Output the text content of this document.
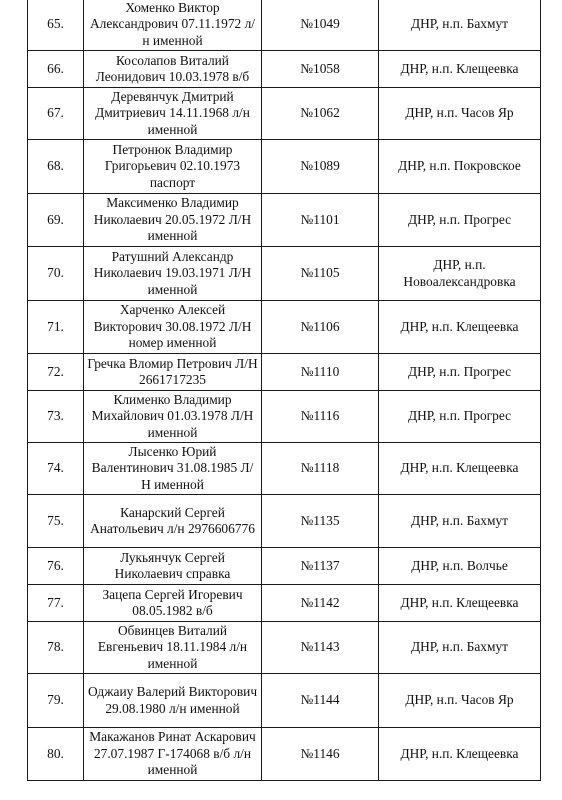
65.	Хоменко Виктор Александрович 07.11.1972 л/н именной	№1049	ДНР, н.п. Бахмут
66.	Косолапов Виталий Леонидович 10.03.1978 в/б	№1058	ДНР, н.п. Клещеевка
67.	Деревянчук Дмитрий Дмитриевич 14.11.1968 л/н именной	№1062	ДНР, н.п. Часов Яр
68.	Петронюк Владимир Григорьевич 02.10.1973 паспорт	№1089	ДНР, н.п. Покровское
69.	Максименко Владимир Николаевич 20.05.1972 Л/Н именной	№1101	ДНР, н.п. Прогрес
70.	Ратушний Александр Николаевич 19.03.1971 Л/Н именной	№1105	ДНР, н.п. Новоалександровка
71.	Харченко Алексей Викторович 30.08.1972 Л/Н номер именной	№1106	ДНР, н.п. Клещеевка
72.	Гречка Вломир Петрович Л/Н 2661717235	№1110	ДНР, н.п. Прогрес
73.	Клименко Владимир Михайлович 01.03.1978 Л/Н именной	№1116	ДНР, н.п. Прогрес
74.	Лысенко Юрий Валентинович 31.08.1985 Л/Н именной	№1118	ДНР, н.п. Клещеевка
75.	Канарский Сергей Анатольевич л/н 2976606776	№1135	ДНР, н.п. Бахмут
76.	Лукьянчук Сергей Николаевич справка	№1137	ДНР, н.п. Волчье
77.	Зацепа Сергей Игоревич 08.05.1982 в/б	№1142	ДНР, н.п. Клещеевка
78.	Обвинцев Виталий Евгеньевич 18.11.1984 л/н именной	№1143	ДНР, н.п. Бахмут
79.	Оджаиу Валерий Викторович 29.08.1980 л/н именной	№1144	ДНР, н.п. Часов Яр
80.	Макажанов Ринат Аскарович 27.07.1987 Г-174068 в/б л/н именной	№1146	ДНР, н.п. Клещеевка
